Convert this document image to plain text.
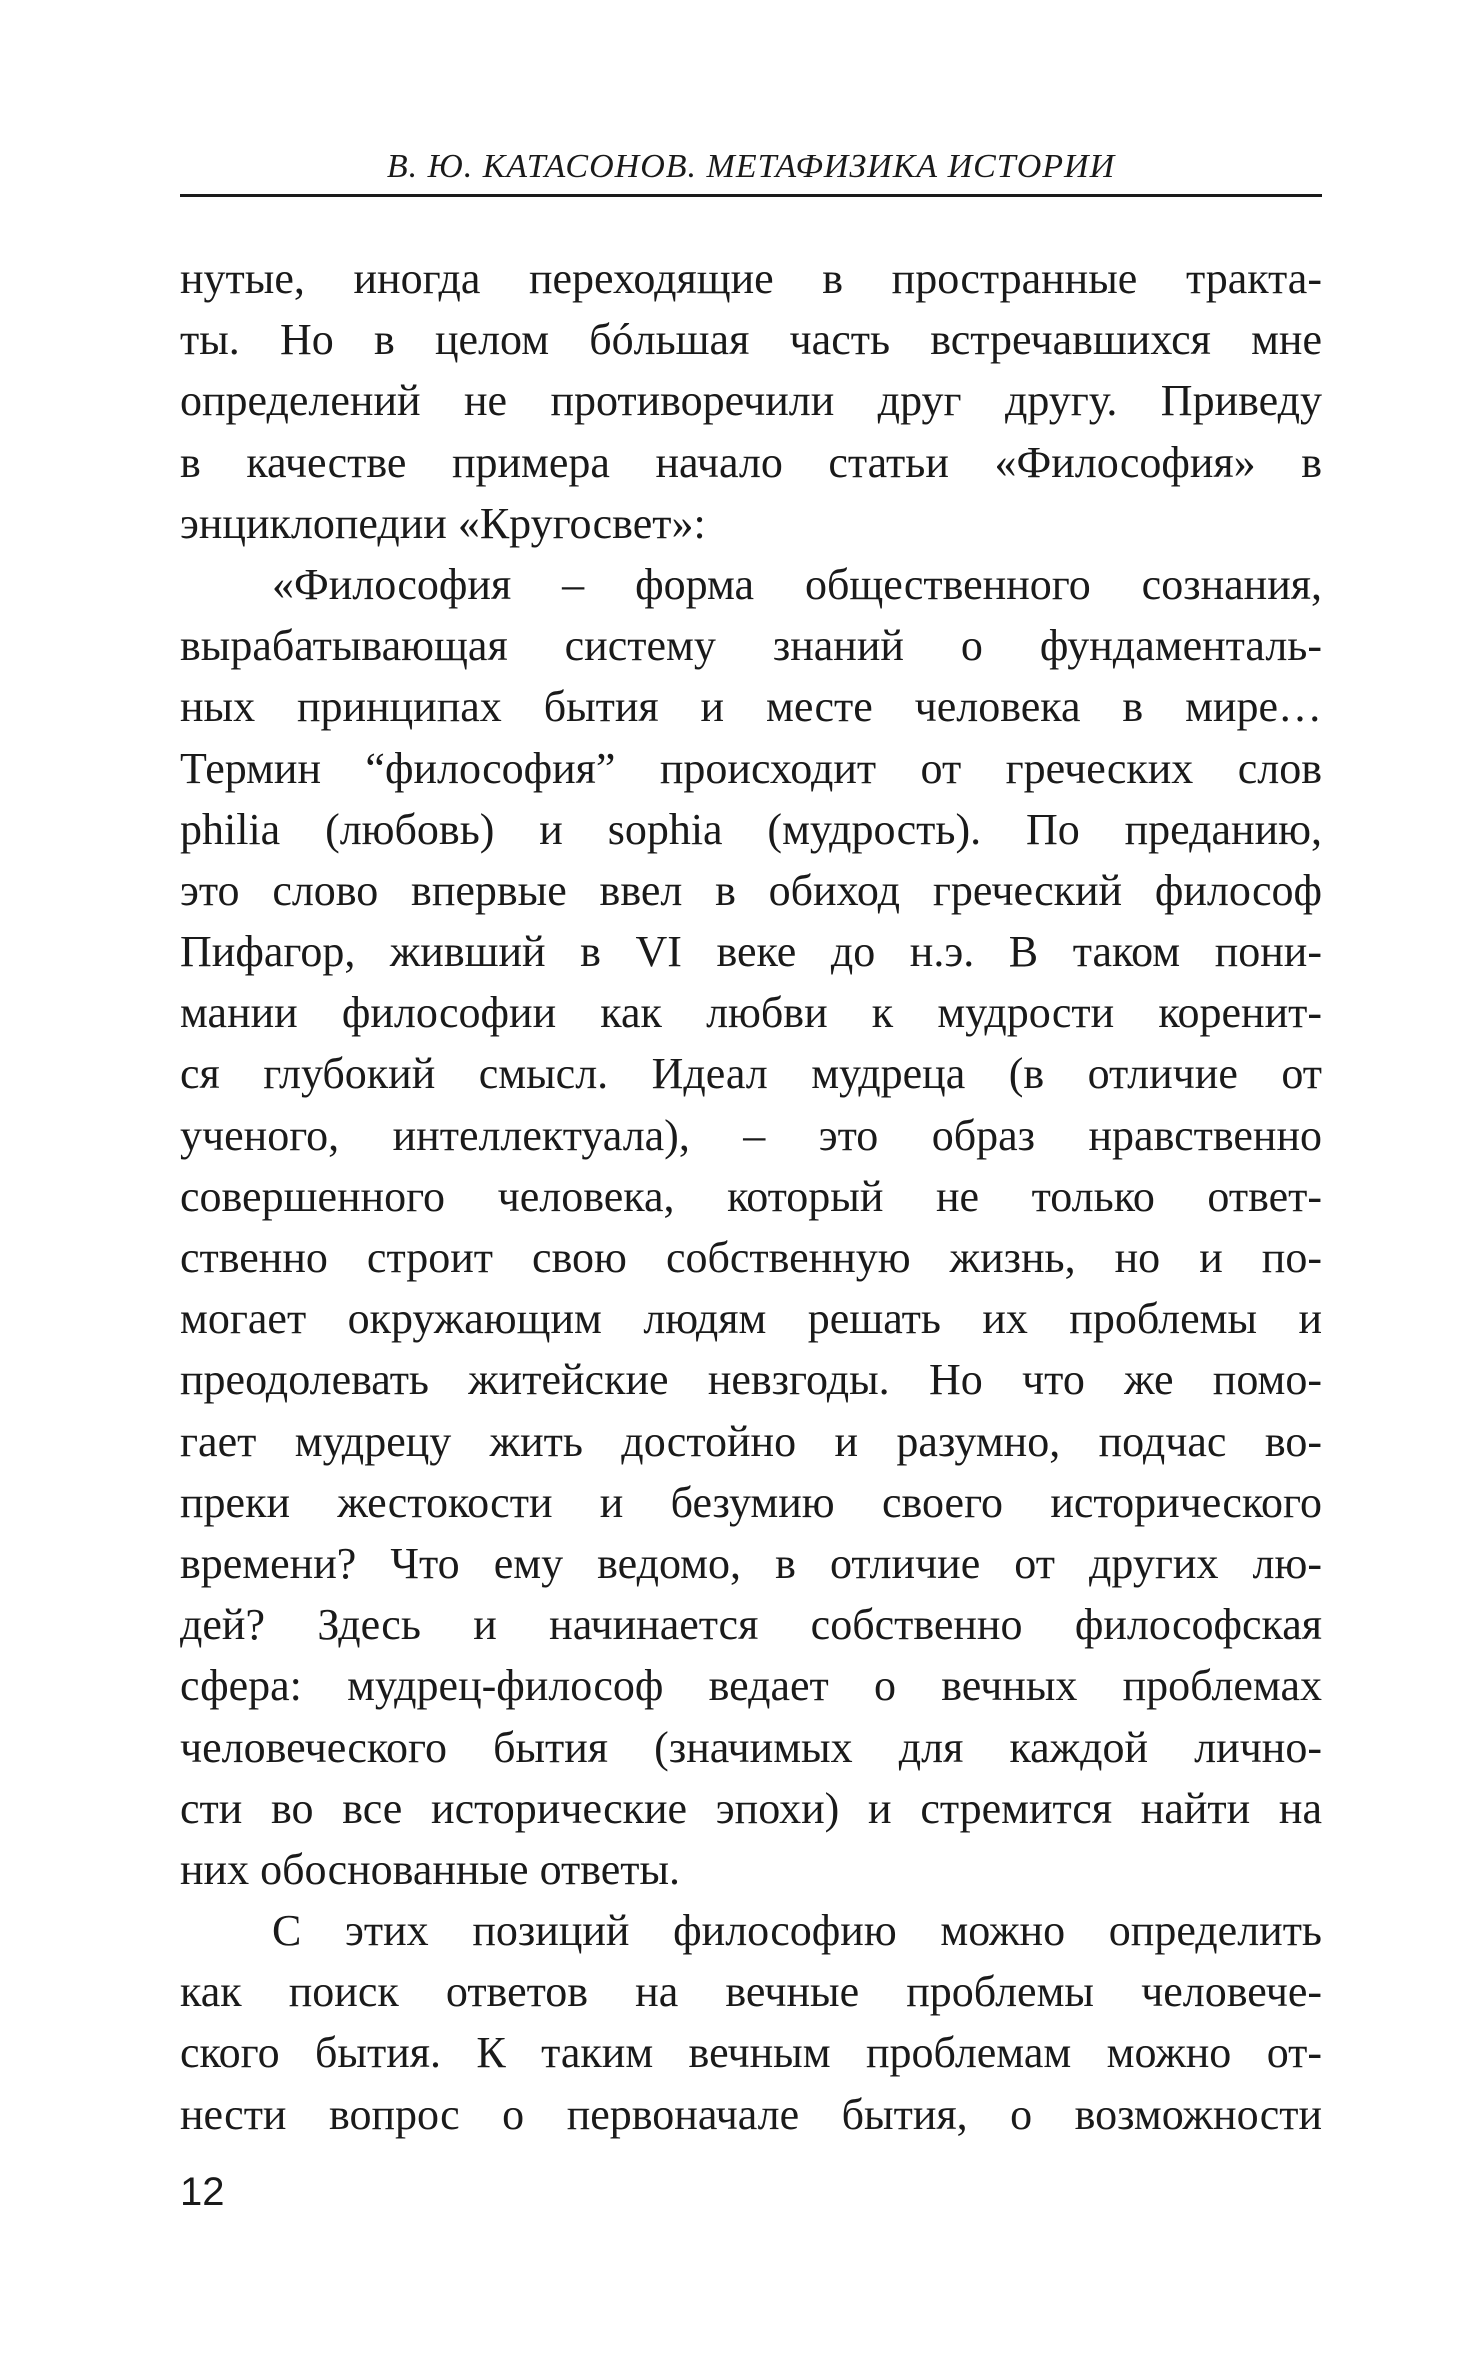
В. Ю. КАТАСОНОВ. МЕТАФИЗИКА ИСТОРИИ
нутые, иногда переходящие в пространные тракта-
ты. Но в целом бóльшая часть встречавшихся мне
определений не противоречили друг другу. Приведу
в качестве примера начало статьи «Философия» в
энциклопедии «Кругосвет»:
«Философия – форма общественного сознания,
вырабатывающая систему знаний о фундаменталь-
ных принципах бытия и месте человека в мире…
Термин “философия” происходит от греческих слов
philia (любовь) и sophia (мудрость). По преданию,
это слово впервые ввел в обиход греческий философ
Пифагор, живший в VI веке до н.э. В таком пони-
мании философии как любви к мудрости коренит-
ся глубокий смысл. Идеал мудреца (в отличие от
ученого, интеллектуала), – это образ нравственно
совершенного человека, который не только ответ-
ственно строит свою собственную жизнь, но и по-
могает окружающим людям решать их проблемы и
преодолевать житейские невзгоды. Но что же помо-
гает мудрецу жить достойно и разумно, подчас во-
преки жестокости и безумию своего исторического
времени? Что ему ведомо, в отличие от других лю-
дей? Здесь и начинается собственно философская
сфера: мудрец-философ ведает о вечных проблемах
человеческого бытия (значимых для каждой лично-
сти во все исторические эпохи) и стремится найти на
них обоснованные ответы.
С этих позиций философию можно определить
как поиск ответов на вечные проблемы человече-
ского бытия. К таким вечным проблемам можно от-
нести вопрос о первоначале бытия, о возможности
12
